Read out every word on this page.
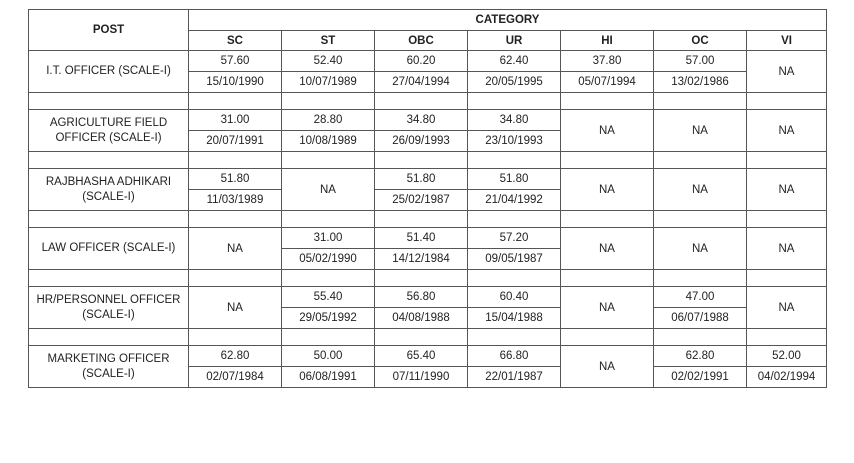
POST	CATEGORY						
	SC	ST	OBC	UR	HI	OC	VI
I.T. OFFICER (SCALE-I)	57.60	52.40	60.20	62.40	37.80	57.00	NA
	15/10/1990	10/07/1989	27/04/1994	20/05/1995	05/07/1994	13/02/1986	

AGRICULTURE FIELD OFFICER (SCALE-I)	31.00	28.80	34.80	34.80	NA	NA	NA
	20/07/1991	10/08/1989	26/09/1993	23/10/1993			

RAJBHASHA ADHIKARI (SCALE-I)	51.80	NA	51.80	51.80	NA	NA	NA
	11/03/1989		25/02/1987	21/04/1992			

LAW OFFICER (SCALE-I)	NA	31.00	51.40	57.20	NA	NA	NA
		05/02/1990	14/12/1984	09/05/1987			

HR/PERSONNEL OFFICER (SCALE-I)	NA	55.40	56.80	60.40	NA	47.00	NA
		29/05/1992	04/08/1988	15/04/1988		06/07/1988	

MARKETING OFFICER (SCALE-I)	62.80	50.00	65.40	66.80	NA	62.80	52.00
	02/07/1984	06/08/1991	07/11/1990	22/01/1987		02/02/1991	04/02/1994
